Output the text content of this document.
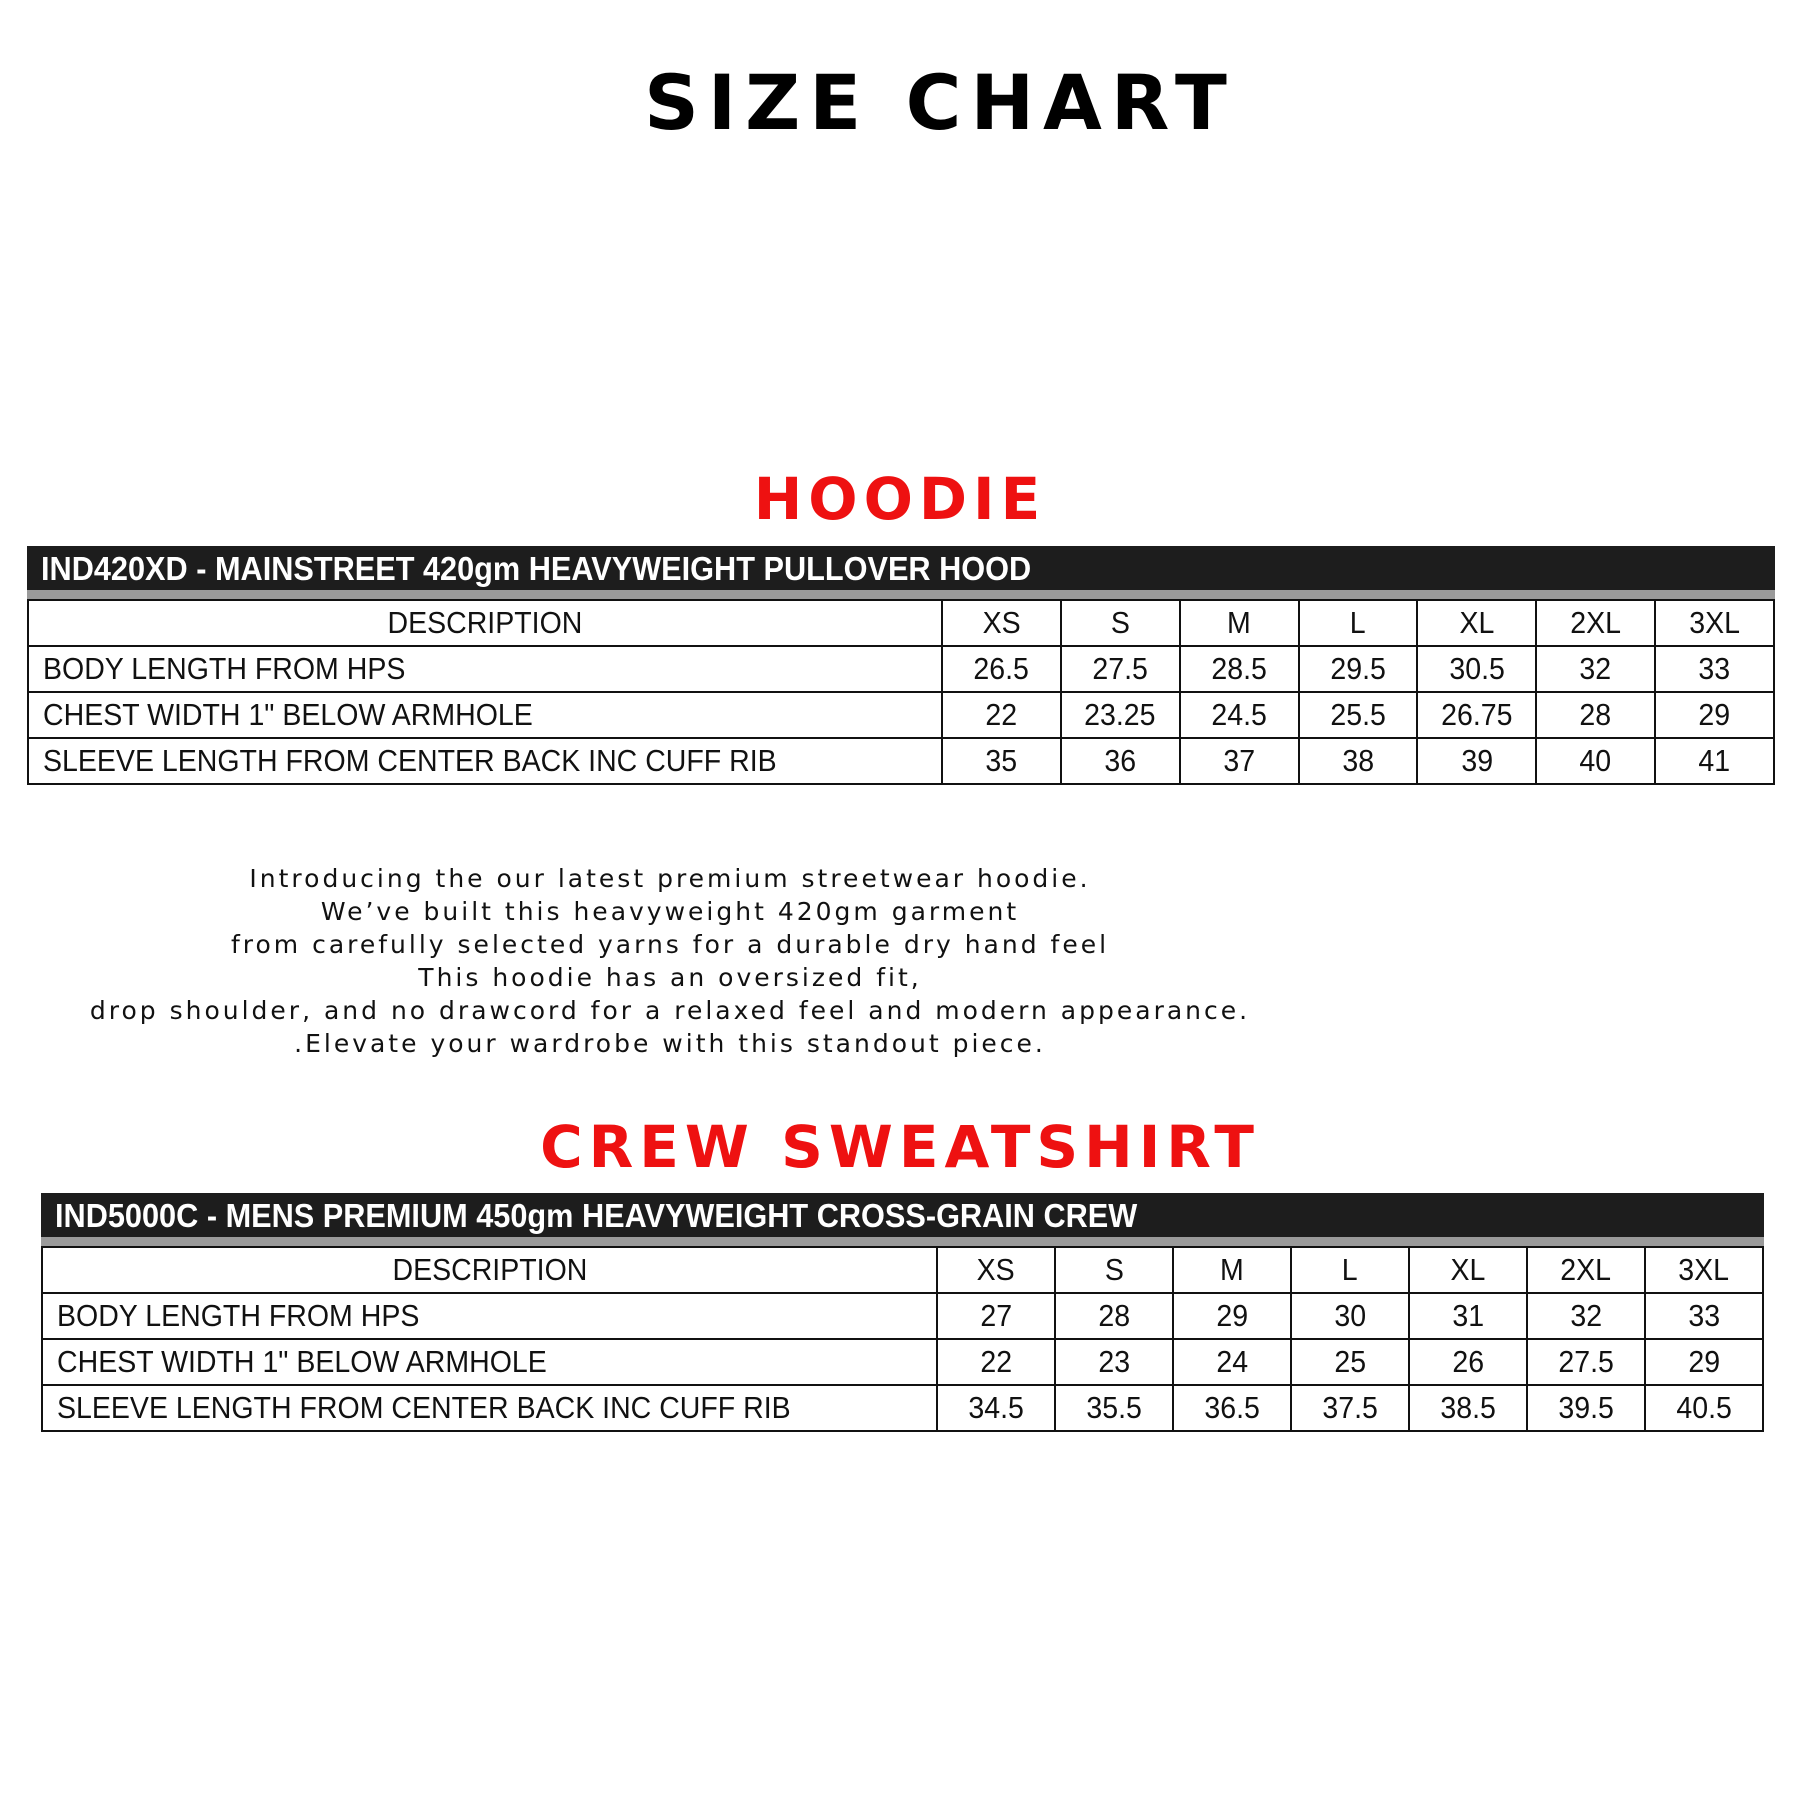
SIZE CHART
HOODIE
IND420XD - MAINSTREET 420gm HEAVYWEIGHT PULLOVER HOOD
DESCRIPTION	XS	S	M	L	XL	2XL	3XL
BODY LENGTH FROM HPS	26.5	27.5	28.5	29.5	30.5	32	33
CHEST WIDTH 1" BELOW ARMHOLE	22	23.25	24.5	25.5	26.75	28	29
SLEEVE LENGTH FROM CENTER BACK INC CUFF RIB	35	36	37	38	39	40	41

Introducing the our latest premium streetwear hoodie.

We’ve built this heavyweight 420gm garment

from carefully selected yarns for a durable dry hand feel

This hoodie has an oversized fit,

drop shoulder, and no drawcord for a relaxed feel and modern appearance.

.Elevate your wardrobe with this standout piece.

CREW SWEATSHIRT
IND5000C - MENS PREMIUM 450gm HEAVYWEIGHT CROSS-GRAIN CREW
DESCRIPTION	XS	S	M	L	XL	2XL	3XL
BODY LENGTH FROM HPS	27	28	29	30	31	32	33
CHEST WIDTH 1" BELOW ARMHOLE	22	23	24	25	26	27.5	29
SLEEVE LENGTH FROM CENTER BACK INC CUFF RIB	34.5	35.5	36.5	37.5	38.5	39.5	40.5
